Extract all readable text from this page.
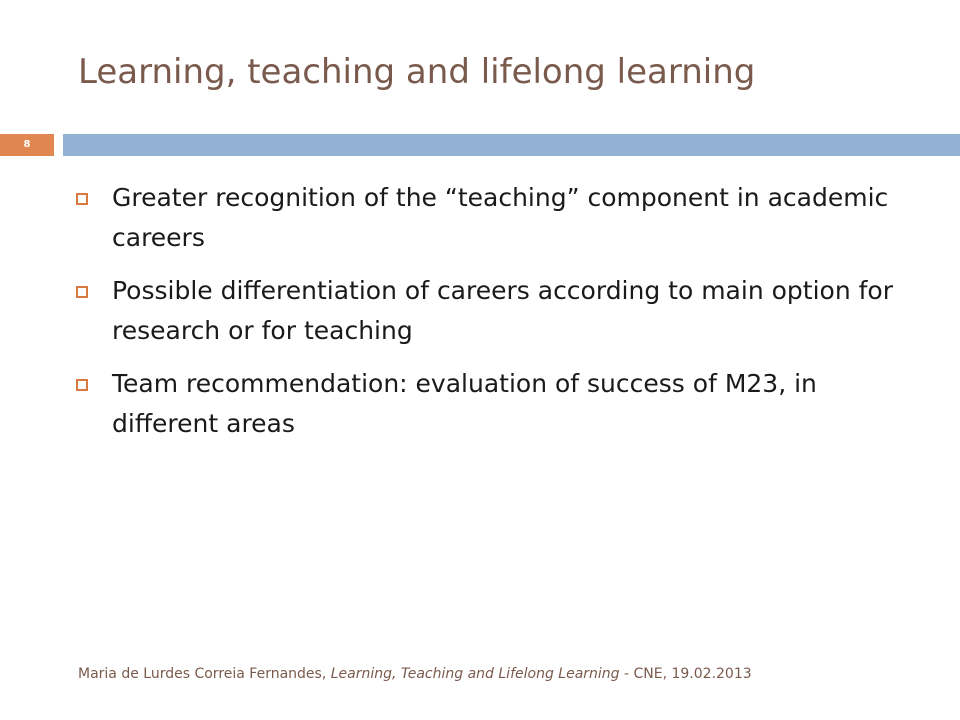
Learning, teaching and lifelong learning
8
Greater recognition of the “teaching” component in academic careers
Possible differentiation of careers according to main option for research or for teaching
Team recommendation: evaluation of success of M23, in different areas
Maria de Lurdes Correia Fernandes, Learning, Teaching and Lifelong Learning - CNE, 19.02.2013
